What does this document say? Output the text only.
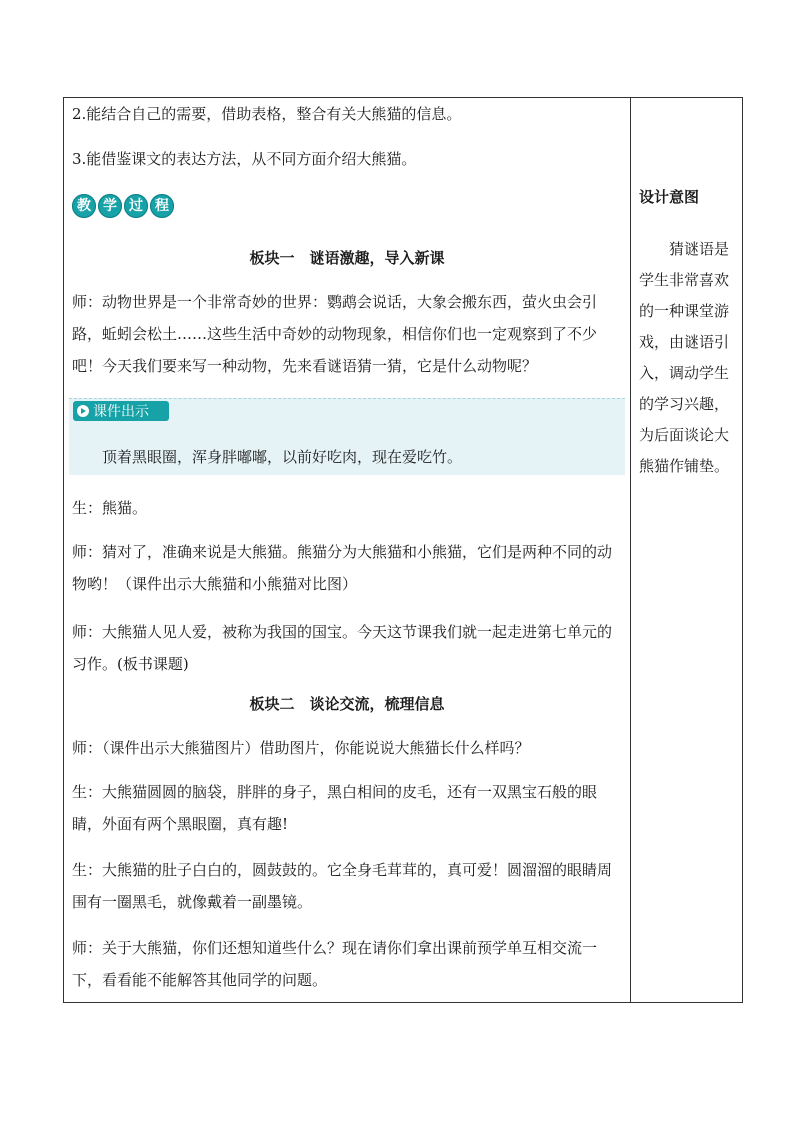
2.能结合自己的需要，借助表格，整合有关大熊猫的信息。

3.能借鉴课文的表达方法，从不同方面介绍大熊猫。

教 学 过 程

板块一　谜语激趣，导入新课

师：动物世界是一个非常奇妙的世界：鹦鹉会说话，大象会搬东西，萤火虫会引路，蚯蚓会松土……这些生活中奇妙的动物现象，相信你们也一定观察到了不少吧！今天我们要来写一种动物，先来看谜语猜一猜，它是什么动物呢？

课件出示

顶着黑眼圈，浑身胖嘟嘟，以前好吃肉，现在爱吃竹。

生：熊猫。

师：猜对了，准确来说是大熊猫。熊猫分为大熊猫和小熊猫，它们是两种不同的动物哟！（课件出示大熊猫和小熊猫对比图）

师：大熊猫人见人爱，被称为我国的国宝。今天这节课我们就一起走进第七单元的习作。(板书课题)

板块二　谈论交流，梳理信息

师：（课件出示大熊猫图片）借助图片，你能说说大熊猫长什么样吗？

生：大熊猫圆圆的脑袋，胖胖的身子，黑白相间的皮毛，还有一双黑宝石般的眼睛，外面有两个黑眼圈，真有趣!

生：大熊猫的肚子白白的，圆鼓鼓的。它全身毛茸茸的，真可爱！圆溜溜的眼睛周围有一圈黑毛，就像戴着一副墨镜。

师：关于大熊猫，你们还想知道些什么？现在请你们拿出课前预学单互相交流一下，看看能不能解答其他同学的问题。

设计意图

猜谜语是学生非常喜欢的一种课堂游戏，由谜语引入，调动学生的学习兴趣，为后面谈论大熊猫作铺垫。
